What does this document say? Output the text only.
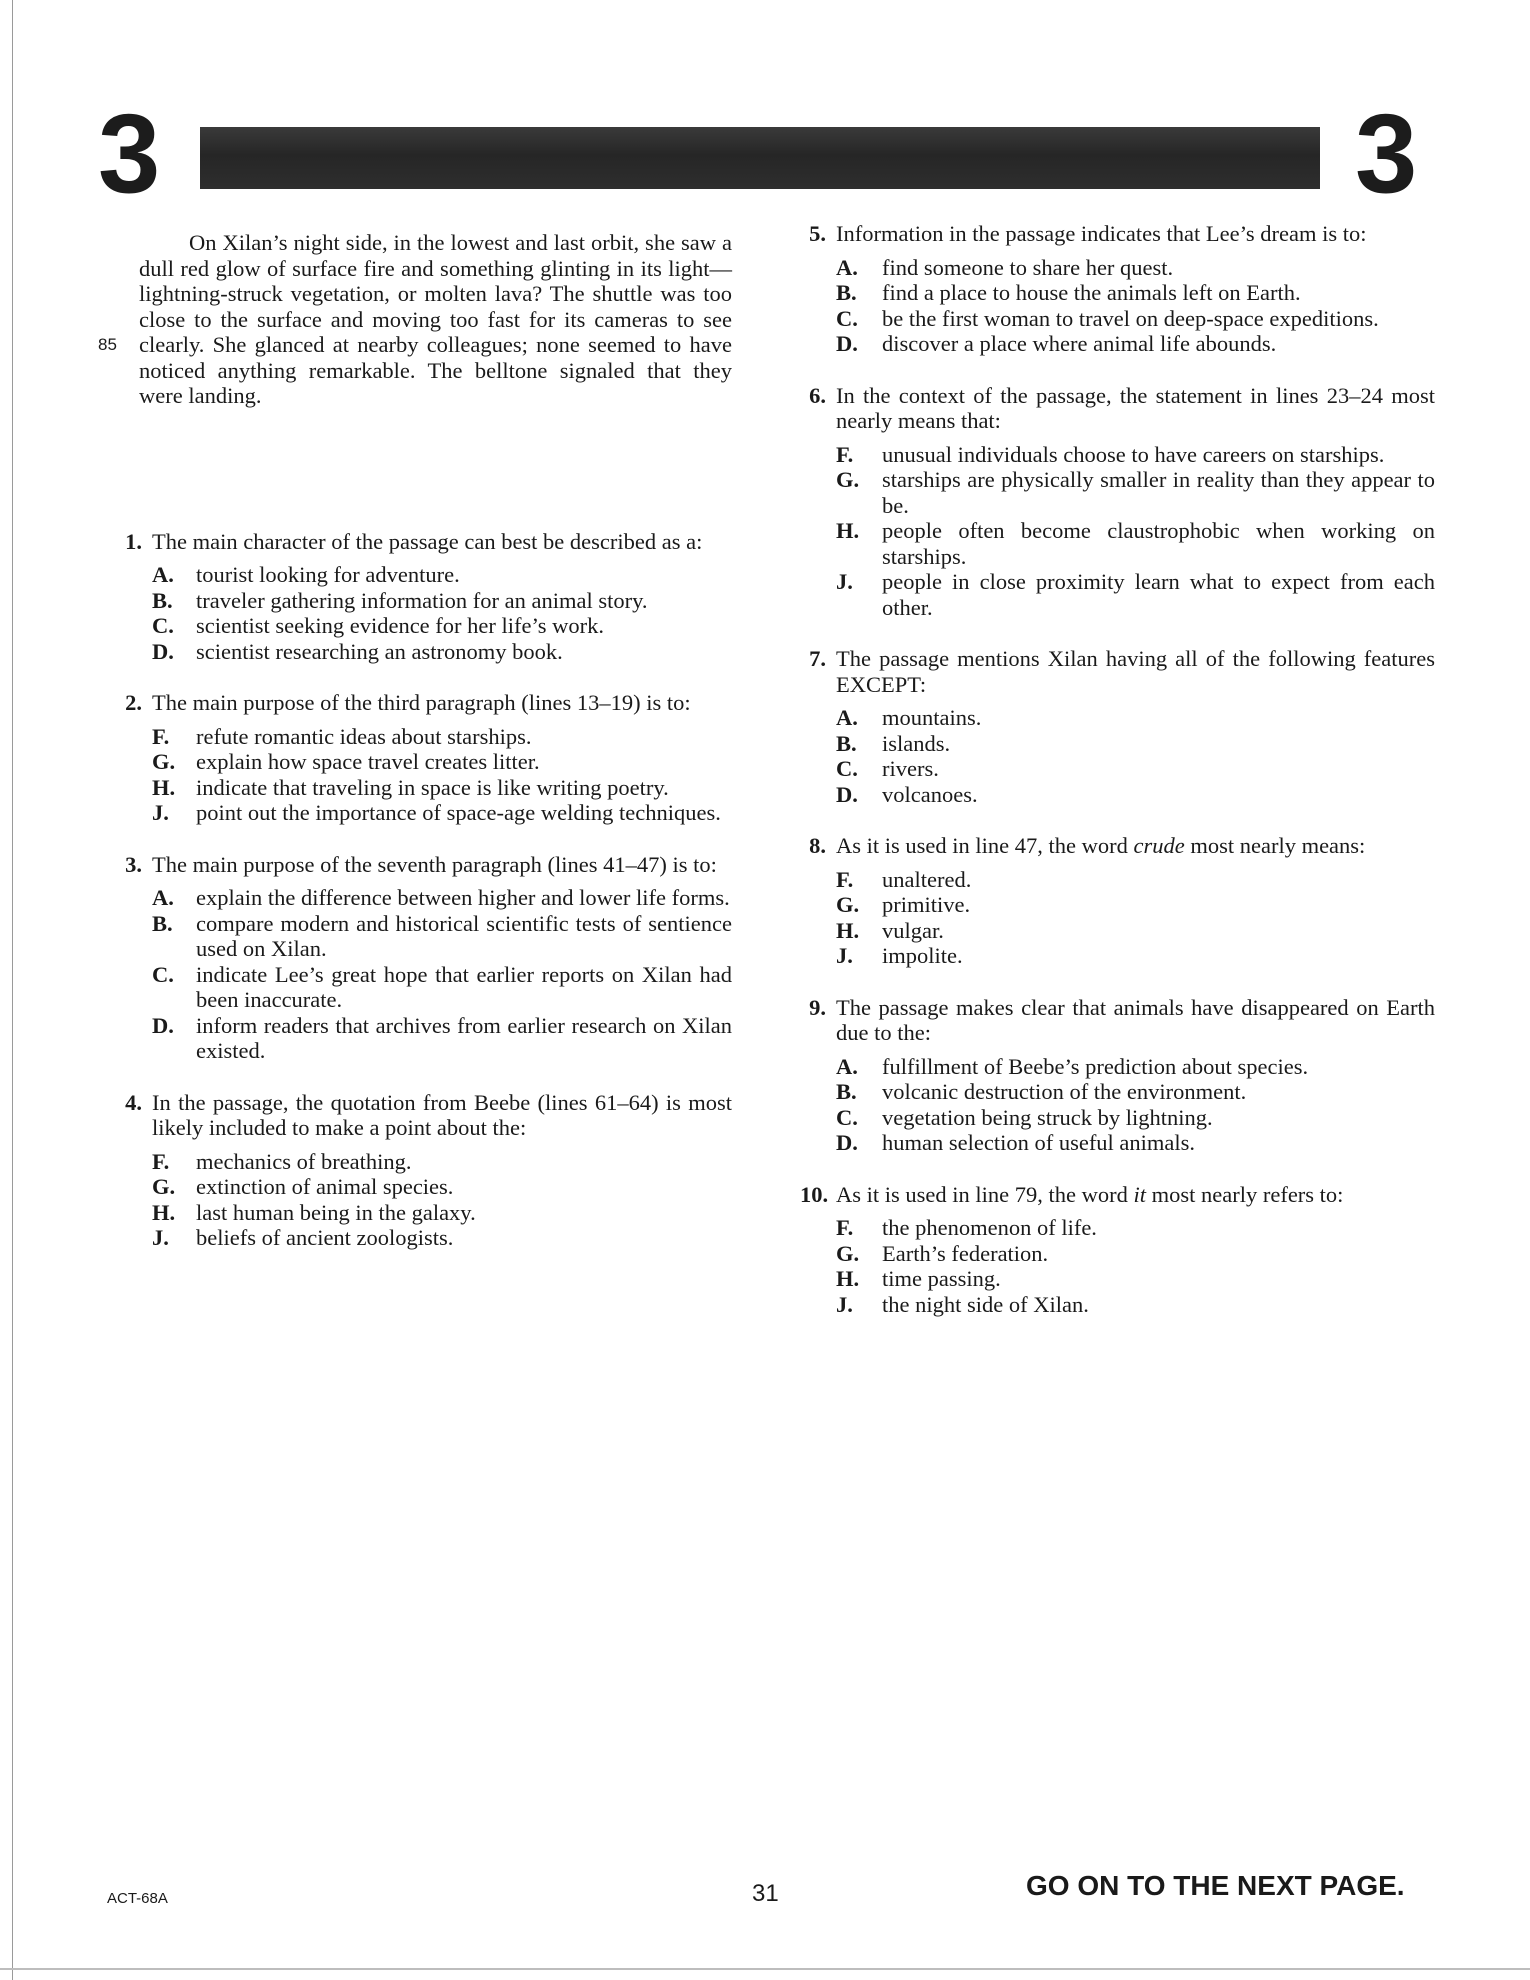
3	3
85

On Xilan’s night side, in the lowest and last orbit, she saw a dull red glow of surface fire and something glinting in its light—lightning-struck vegetation, or molten lava? The shuttle was too close to the surface and moving too fast for its cameras to see clearly. She glanced at nearby colleagues; none seemed to have noticed anything remarkable. The belltone signaled that they were landing.

1. The main character of the passage can best be described as a:
A. tourist looking for adventure.
B. traveler gathering information for an animal story.
C. scientist seeking evidence for her life’s work.
D. scientist researching an astronomy book.
2. The main purpose of the third paragraph (lines 13–19) is to:
F. refute romantic ideas about starships.
G. explain how space travel creates litter.
H. indicate that traveling in space is like writing poetry.
J. point out the importance of space-age welding techniques.
3. The main purpose of the seventh paragraph (lines 41–47) is to:
A. explain the difference between higher and lower life forms.
B. compare modern and historical scientific tests of sentience used on Xilan.
C. indicate Lee’s great hope that earlier reports on Xilan had been inaccurate.
D. inform readers that archives from earlier research on Xilan existed.
4. In the passage, the quotation from Beebe (lines 61–64) is most likely included to make a point about the:
F. mechanics of breathing.
G. extinction of animal species.
H. last human being in the galaxy.
J. beliefs of ancient zoologists.
5. Information in the passage indicates that Lee’s dream is to:
A. find someone to share her quest.
B. find a place to house the animals left on Earth.
C. be the first woman to travel on deep-space expeditions.
D. discover a place where animal life abounds.
6. In the context of the passage, the statement in lines 23–24 most nearly means that:
F. unusual individuals choose to have careers on starships.
G. starships are physically smaller in reality than they appear to be.
H. people often become claustrophobic when working on starships.
J. people in close proximity learn what to expect from each other.
7. The passage mentions Xilan having all of the following features EXCEPT:
A. mountains.
B. islands.
C. rivers.
D. volcanoes.
8. As it is used in line 47, the word crude most nearly means:
F. unaltered.
G. primitive.
H. vulgar.
J. impolite.
9. The passage makes clear that animals have disappeared on Earth due to the:
A. fulfillment of Beebe’s prediction about species.
B. volcanic destruction of the environment.
C. vegetation being struck by lightning.
D. human selection of useful animals.
10. As it is used in line 79, the word it most nearly refers to:
F. the phenomenon of life.
G. Earth’s federation.
H. time passing.
J. the night side of Xilan.
ACT-68A	31	GO ON TO THE NEXT PAGE.
